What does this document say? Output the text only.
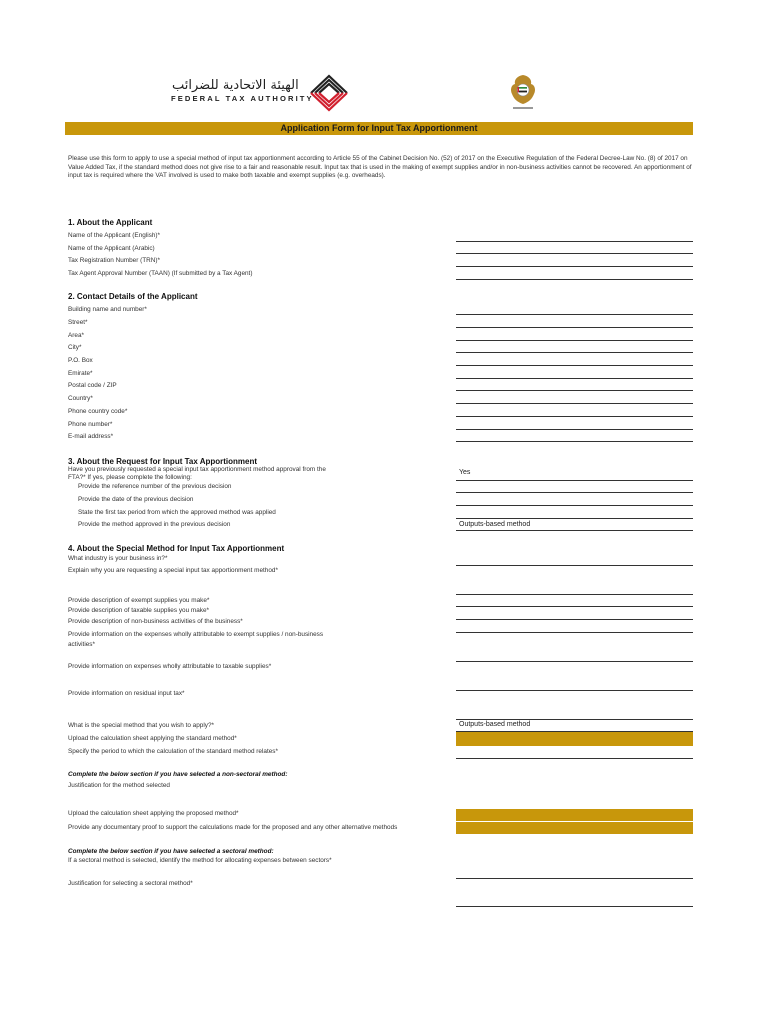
الهيئة الاتحادية للضرائب
FEDERAL TAX AUTHORITY
Application Form for Input Tax Apportionment
Please use this form to apply to use a special method of input tax apportionment according to Article 55 of the Cabinet Decision No. (52) of 2017 on the Executive Regulation of the Federal Decree-Law No. (8) of 2017 on Value Added Tax, if the standard method does not give rise to a fair and reasonable result. Input tax that is used in the making of exempt supplies and/or in non-business activities cannot be recovered. An apportionment of input tax is required where the VAT involved is used to make both taxable and exempt supplies (e.g. overheads).
1. About the Applicant
Name of the Applicant (English)*
Name of the Applicant (Arabic)
Tax Registration Number (TRN)*
Tax Agent Approval Number (TAAN) (If submitted by a Tax Agent)
2. Contact Details of the Applicant
Building name and number*
Street*
Area*
City*
P.O. Box
Emirate*
Postal code / ZIP
Country*
Phone country code*
Phone number*
E-mail address*
3. About the Request for Input Tax Apportionment
Have you previously requested a special input tax apportionment method approval from the
FTA?* If yes, please complete the following:
Yes
Provide the reference number of the previous decision
Provide the date of the previous decision
State the first tax period from which the approved method was applied
Provide the method approved in the previous decision	Outputs-based method
4. About the Special Method for Input Tax Apportionment
What industry is your business in?*
Explain why you are requesting a special input tax apportionment method*
Provide description of exempt supplies you make*
Provide description of taxable supplies you make*
Provide description of non-business activities of the business*
Provide information on the expenses wholly attributable to exempt supplies / non-business
activities*
Provide information on expenses wholly attributable to taxable supplies*
Provide information on residual input tax*
What is the special method that you wish to apply?*	Outputs-based method
Upload the calculation sheet applying the standard method*
Specify the period to which the calculation of the standard method relates*
Complete the below section if you have selected a non-sectoral method:
Justification for the method selected
Upload the calculation sheet applying the proposed method*
Provide any documentary proof to support the calculations made for the proposed and any other alternative methods
Complete the below section if you have selected a sectoral method:
If a sectoral method is selected, identify the method for allocating expenses between sectors*
Justification for selecting a sectoral method*
